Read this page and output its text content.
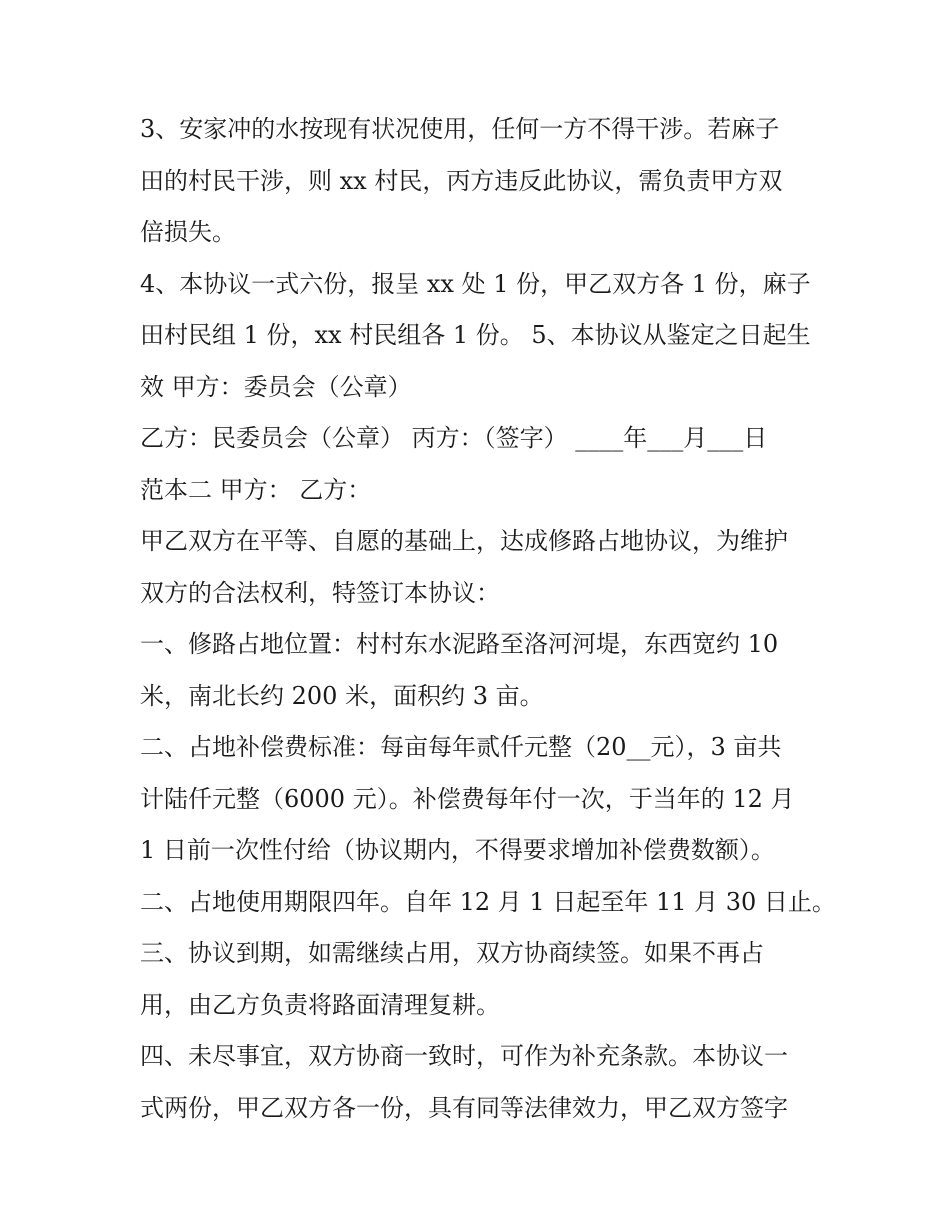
3、安家冲的水按现有状况使用，任何一方不得干涉。若麻子
田的村民干涉，则 xx 村民，丙方违反此协议，需负责甲方双
倍损失。
4、本协议一式六份，报呈 xx 处 1 份，甲乙双方各 1 份，麻子
田村民组 1 份，xx 村民组各 1 份。 5、本协议从鉴定之日起生
效 甲方：委员会（公章）
乙方：民委员会（公章） 丙方：（签字） ____年___月___日
范本二 甲方： 乙方：
甲乙双方在平等、自愿的基础上，达成修路占地协议，为维护
双方的合法权利，特签订本协议：
一、修路占地位置：村村东水泥路至洛河河堤，东西宽约 10
米，南北长约 200 米，面积约 3 亩。
二、占地补偿费标准：每亩每年贰仟元整（20__元），3 亩共
计陆仟元整（6000 元）。补偿费每年付一次，于当年的 12 月
1 日前一次性付给（协议期内，不得要求增加补偿费数额）。
二、占地使用期限四年。自年 12 月 1 日起至年 11 月 30 日止。
三、协议到期，如需继续占用，双方协商续签。如果不再占
用，由乙方负责将路面清理复耕。
四、未尽事宜，双方协商一致时，可作为补充条款。本协议一
式两份，甲乙双方各一份，具有同等法律效力，甲乙双方签字
